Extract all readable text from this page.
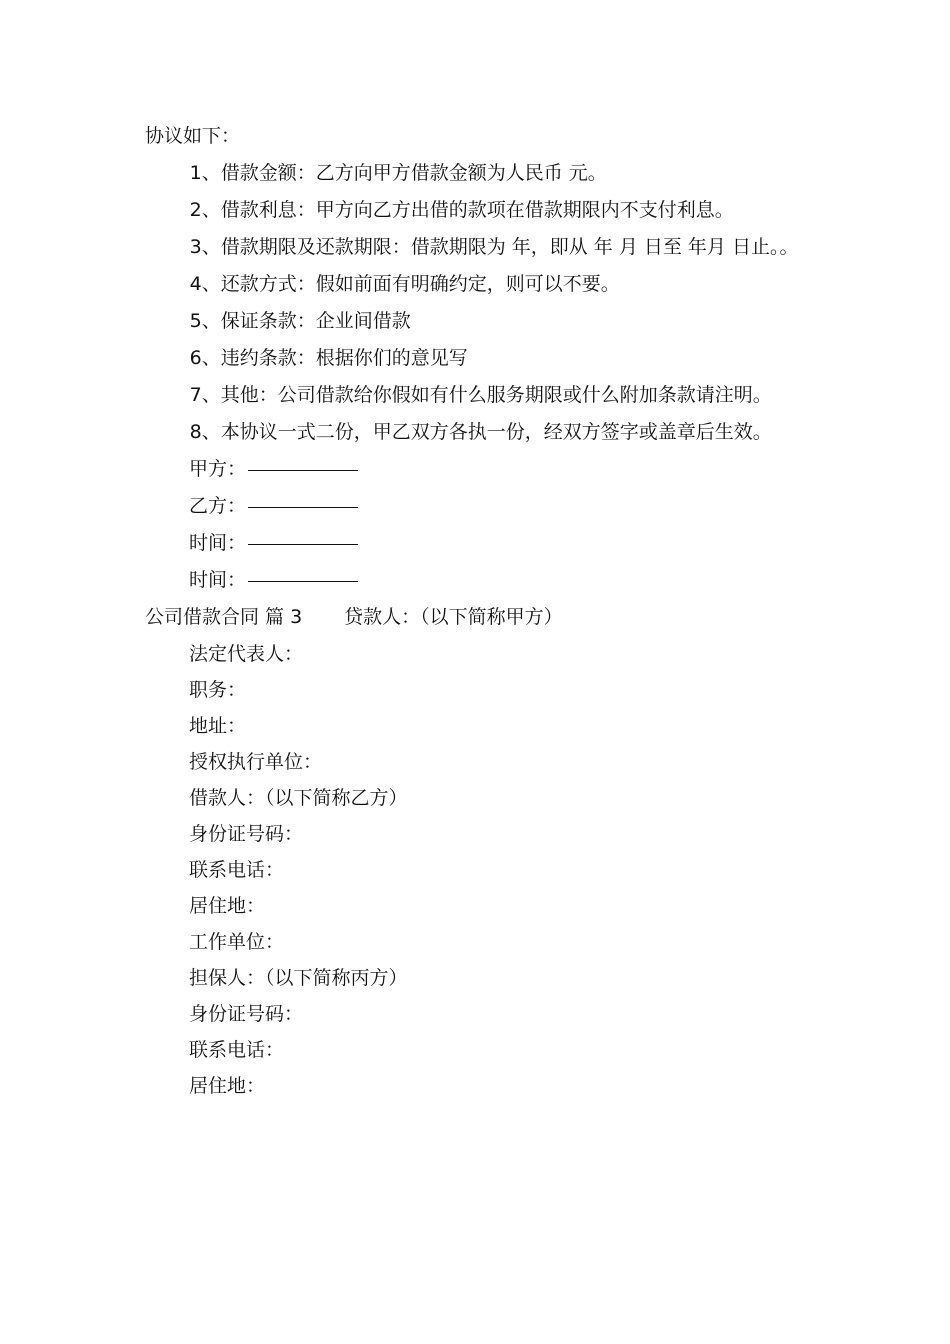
协议如下：

1、借款金额：乙方向甲方借款金额为人民币 元。

2、借款利息：甲方向乙方出借的款项在借款期限内不支付利息。

3、借款期限及还款期限：借款期限为 年，即从 年 月 日至 年月 日止。。

4、还款方式：假如前面有明确约定，则可以不要。

5、保证条款：企业间借款

6、违约条款：根据你们的意见写

7、其他：公司借款给你假如有什么服务期限或什么附加条款请注明。

8、本协议一式二份，甲乙双方各执一份，经双方签字或盖章后生效。

甲方：
乙方：
时间：
时间：
公司借款合同 篇 3 贷款人：（以下简称甲方）

法定代表人：

职务：

地址：

授权执行单位：

借款人：（以下简称乙方）

身份证号码：

联系电话：

居住地：

工作单位：

担保人：（以下简称丙方）

身份证号码：

联系电话：

居住地：
